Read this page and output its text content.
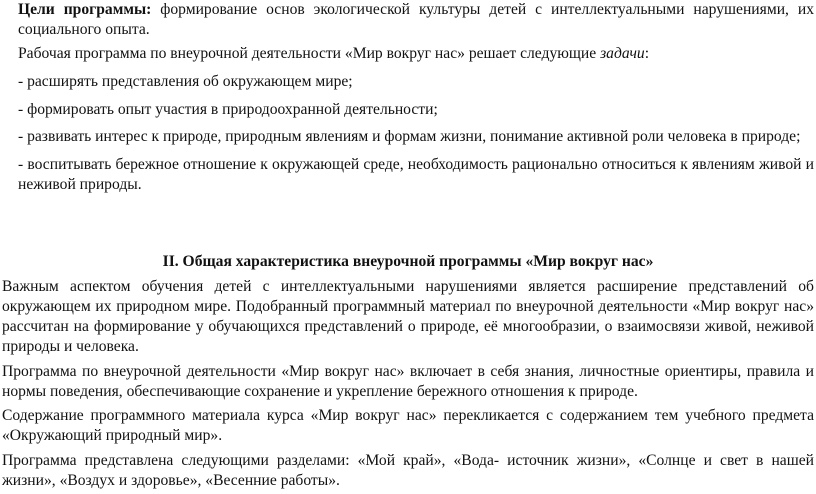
Цели программы: формирование основ экологической культуры детей с интеллектуальными нарушениями, их социального опыта.

Рабочая программа по внеурочной деятельности «Мир вокруг нас» решает следующие задачи:

- расширять представления об окружающем мире;

- формировать опыт участия в природоохранной деятельности;

- развивать интерес к природе, природным явлениям и формам жизни, понимание активной роли человека в природе;

- воспитывать бережное отношение к окружающей среде, необходимость рационально относиться к явлениям живой и неживой природы.

II. Общая характеристика внеурочной программы «Мир вокруг нас»

Важным аспектом обучения детей с интеллектуальными нарушениями является расширение представлений об окружающем их природном мире. Подобранный программный материал по внеурочной деятельности «Мир вокруг нас» рассчитан на формирование у обучающихся представлений о природе, её многообразии, о взаимосвязи живой, неживой природы и человека.

Программа по внеурочной деятельности «Мир вокруг нас» включает в себя знания, личностные ориентиры, правила и нормы поведения, обеспечивающие сохранение и укрепление бережного отношения к природе.

Содержание программного материала курса «Мир вокруг нас» перекликается с содержанием тем учебного предмета «Окружающий природный мир».

Программа представлена следующими разделами: «Мой край», «Вода- источник жизни», «Солнце и свет в нашей жизни», «Воздух и здоровье», «Весенние работы».
